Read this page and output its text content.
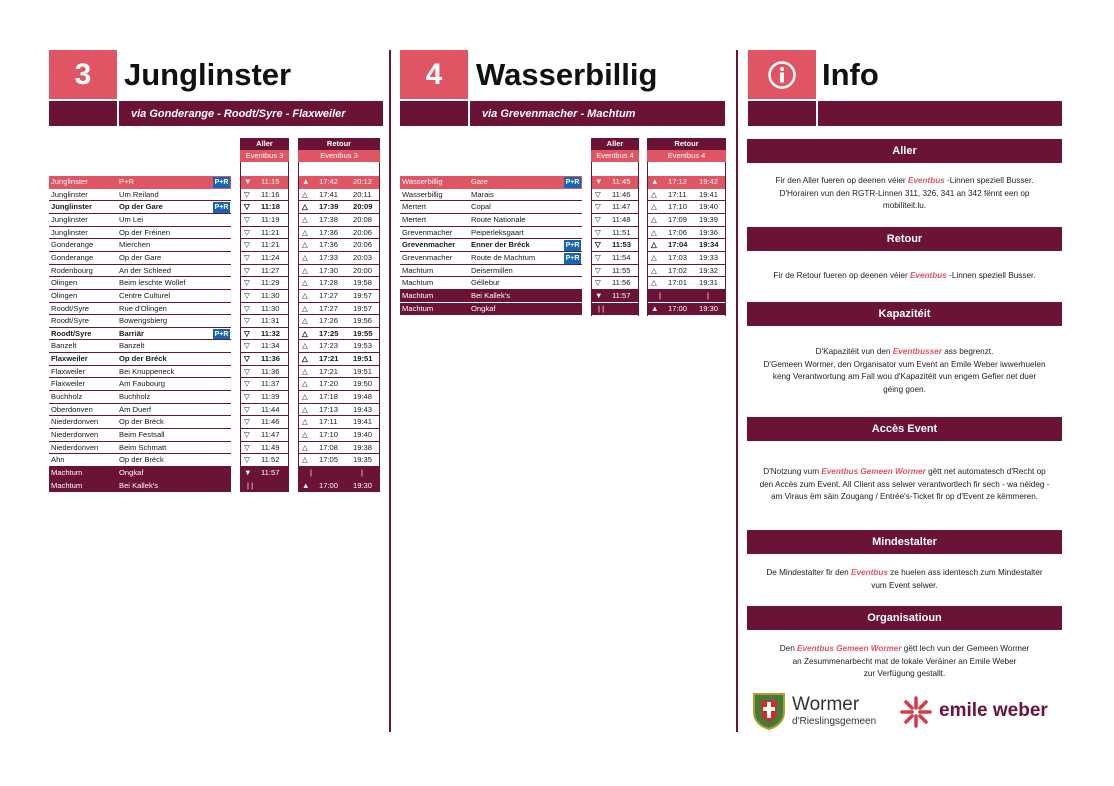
3	Junglinster
via Gonderange - Roodt/Syre - Flaxweiler
4	Wasserbillig
via Grevenmacher - Machtum
Info
Aller
Eventbus 3
Retour
Eventbus 3
Junglinster	P+R	P+R ▼ 11:15	▲ 17:42 20:12
Junglinster	Um Reiland	▽ 11:16	△ 17:41 20:11
Junglinster	Op der Gare	P+R ▽ 11:18	△ 17:39 20:09
Junglinster	Um Lei	▽ 11:19	△ 17:38 20:08
Junglinster	Op der Fréinen	▽ 11:21	△ 17:36 20:06
Gonderange	Mierchen	▽ 11:21	△ 17:36 20:06
Gonderange	Op der Gare	▽ 11:24	△ 17:33 20:03
Rodenbourg	An der Schleed	▽ 11:27	△ 17:30 20:00
Olingen	Beim leschte Wollef	▽ 11:29	△ 17:28 19:58
Olingen	Centre Culturel	▽ 11:30	△ 17:27 19:57
Roodt/Syre	Rue d'Olingen	▽ 11:30	△ 17:27 19:57
Roodt/Syre	Bowengsbierg	▽ 11:31	△ 17:26 19:56
Roodt/Syre	Barriär	P+R ▽ 11:32	△ 17:25 19:55
Banzelt	Banzelt	▽ 11:34	△ 17:23 19:53
Flaxweiler	Op der Bréck	▽ 11:36	△ 17:21 19:51
Flaxweiler	Bei Knuppeneck	▽ 11:36	△ 17:21 19:51
Flaxweiler	Am Faubourg	▽ 11:37	△ 17:20 19:50
Buchholz	Buchholz	▽ 11:39	△ 17:18 19:48
Oberdonven	Am Duerf	▽ 11:44	△ 17:13 19:43
Niederdonven	Op der Bréck	▽ 11:46	△ 17:11 19:41
Niederdonven	Beim Festsall	▽ 11:47	△ 17:10 19:40
Niederdonven	Beim Schmatt	▽ 11:49	△ 17:08 19:38
Ahn	Op der Bréck	▽ 11:52	△ 17:05 19:35
Machtum	Ongkaf	▼ 11:57	|	|
Machtum	Bei Kallek's	| |	▲ 17:00 19:30
Aller
Eventbus 4
Retour
Eventbus 4
Wasserbillig	Gare	P+R ▼ 11:45	▲ 17:12 19:42
Wasserbillig	Marais	▽ 11:46	△ 17:11 19:41
Mertert	Copal	▽ 11:47	△ 17:10 19:40
Mertert	Route Nationale	▽ 11:48	△ 17:09 19:39
Grevenmacher Peiperleksgaart	▽ 11:51	△ 17:06 19:36
Grevenmacher Enner der Bréck	P+R ▽ 11:53	△ 17:04 19:34
Grevenmacher Route de Machtum	P+R ▽ 11:54	△ 17:03 19:33
Machtum	Deisermillen	▽ 11:55	△ 17:02 19:32
Machtum	Géllebur	▽ 11:56	△ 17:01 19:31
Machtum	Bei Kallek's	▼ 11:57	|	|
Machtum	Ongkaf	| |	▲ 17:00 19:30
Aller
Fir den Aller fueren op deenen véier Eventbus -Linnen speziell Busser.
D'Horairen vun den RGTR-Linnen 311, 326, 341 an 342 fënnt een op
mobiliteit.lu.
Retour
Fir de Retour fueren op deenen véier Eventbus -Linnen speziell Busser.
Kapazitéit
D'Kapazitéit vun den Eventbusser ass begrenzt.
D'Gemeen Wormer, den Organisator vum Event an Emile Weber iwwerhuelen
keng Verantwortung am Fall wou d'Kapazitéit vun engem Gefier net duer
géing goen.
Accès Event
D'Notzung vum Eventbus Gemeen Wormer gëtt net automatesch d'Recht op
den Accès zum Event. All Client ass selwer verantwortlech fir sech - wa néideg -
am Viraus ëm säin Zougang / Entrée's-Ticket fir op d'Event ze këmmeren.
Mindestalter
De Mindestalter fir den Eventbus ze huelen ass identesch zum Mindestalter
vum Event selwer.
Organisatioun
Den Eventbus Gemeen Wormer gëtt lech vun der Gemeen Wormer
an Zesummenarbecht mat de lokale Veräiner an Emile Weber
zur Verfügung gestallt.
Wormer
d'Rieslingsgemeen
emile weber
